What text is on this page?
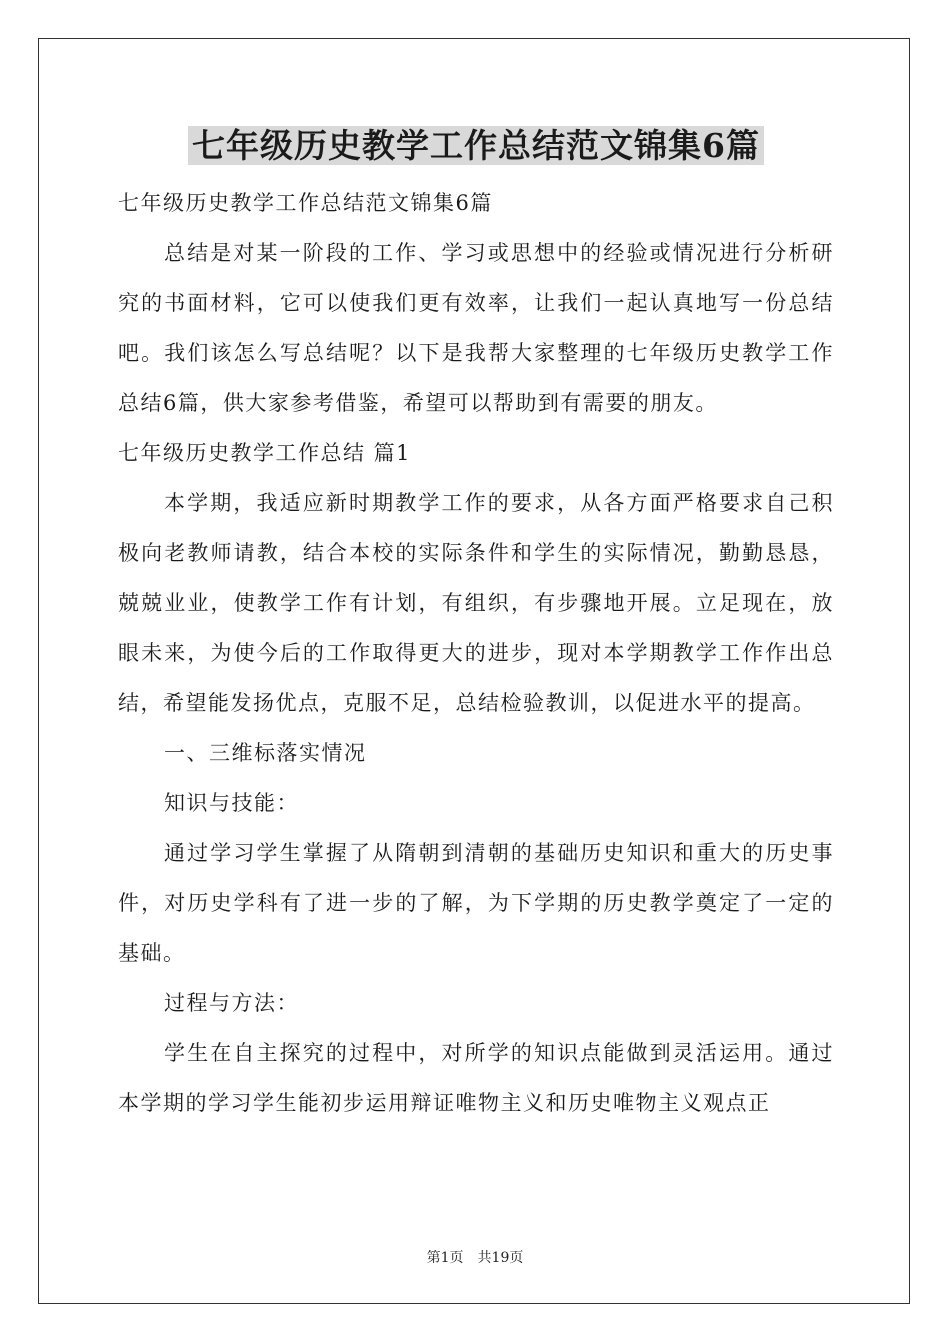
七年级历史教学工作总结范文锦集6篇

七年级历史教学工作总结范文锦集6篇

总结是对某一阶段的工作、学习或思想中的经验或情况进行分析研究的书面材料，它可以使我们更有效率，让我们一起认真地写一份总结吧。我们该怎么写总结呢？以下是我帮大家整理的七年级历史教学工作总结6篇，供大家参考借鉴，希望可以帮助到有需要的朋友。

七年级历史教学工作总结 篇1

本学期，我适应新时期教学工作的要求，从各方面严格要求自己积极向老教师请教，结合本校的实际条件和学生的实际情况，勤勤恳恳，兢兢业业，使教学工作有计划，有组织，有步骤地开展。立足现在，放眼未来，为使今后的工作取得更大的进步，现对本学期教学工作作出总结，希望能发扬优点，克服不足，总结检验教训，以促进水平的提高。

一、三维标落实情况

知识与技能：

通过学习学生掌握了从隋朝到清朝的基础历史知识和重大的历史事件，对历史学科有了进一步的了解，为下学期的历史教学奠定了一定的基础。

过程与方法：

学生在自主探究的过程中，对所学的知识点能做到灵活运用。通过本学期的学习学生能初步运用辩证唯物主义和历史唯物主义观点正

第1页　共19页
